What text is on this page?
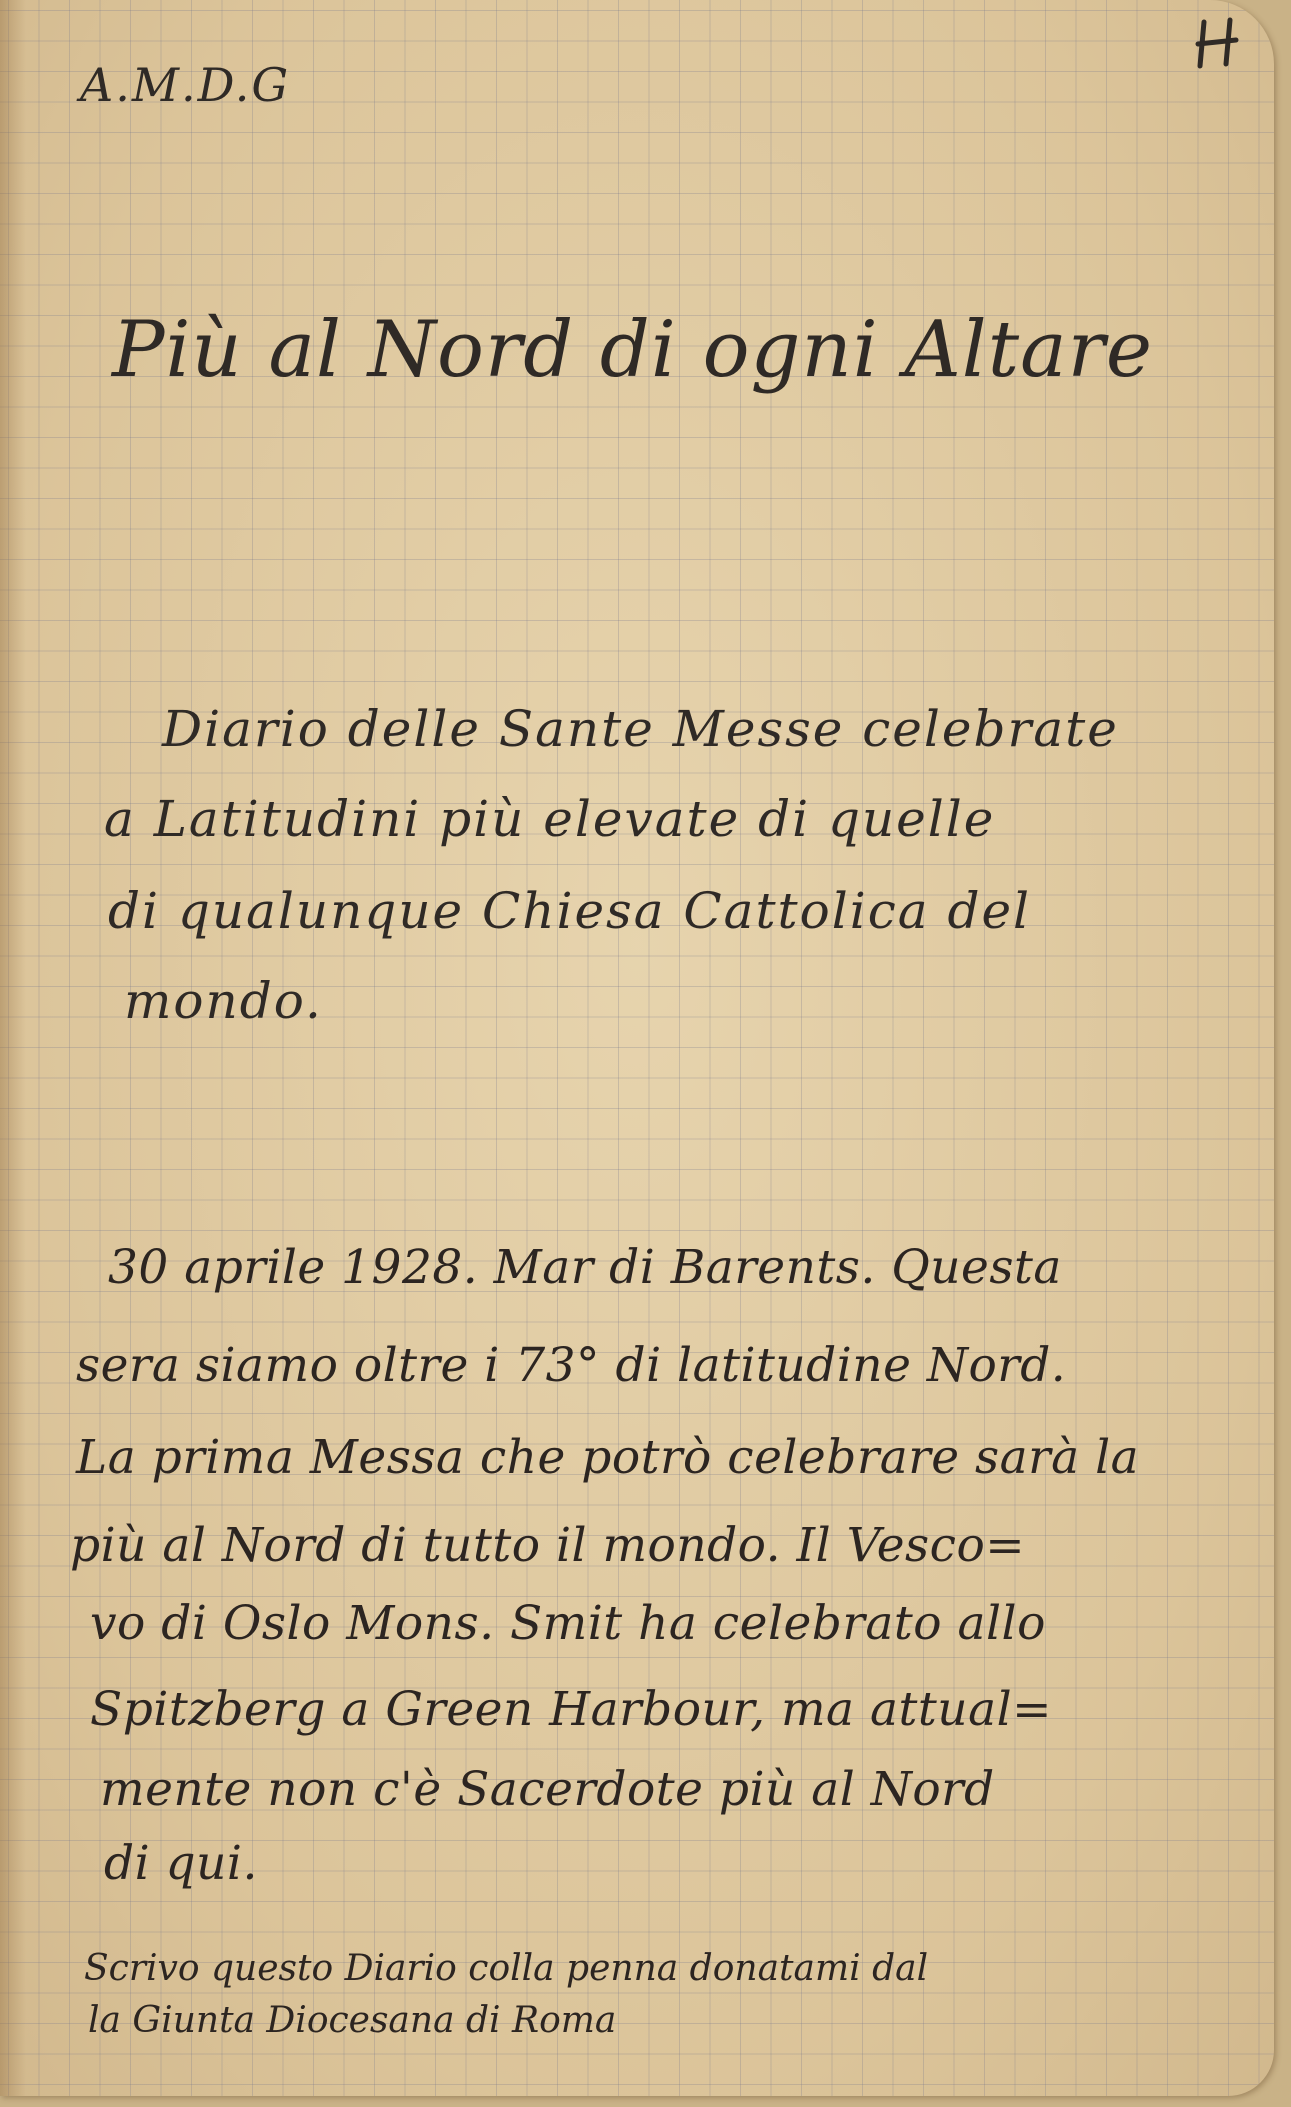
A.M.D.G
Più al Nord di ogni Altare
Diario delle Sante Messe celebrate
a Latitudini più elevate di quelle
di qualunque Chiesa Cattolica del
mondo.
30 aprile 1928. Mar di Barents. Questa
sera siamo oltre i 73° di latitudine Nord.
La prima Messa che potrò celebrare sarà la
più al Nord di tutto il mondo. Il Vesco=
vo di Oslo Mons. Smit ha celebrato allo
Spitzberg a Green Harbour, ma attual=
mente non c'è Sacerdote più al Nord
di qui.
Scrivo questo Diario colla penna donatami dal
la Giunta Diocesana di Roma
